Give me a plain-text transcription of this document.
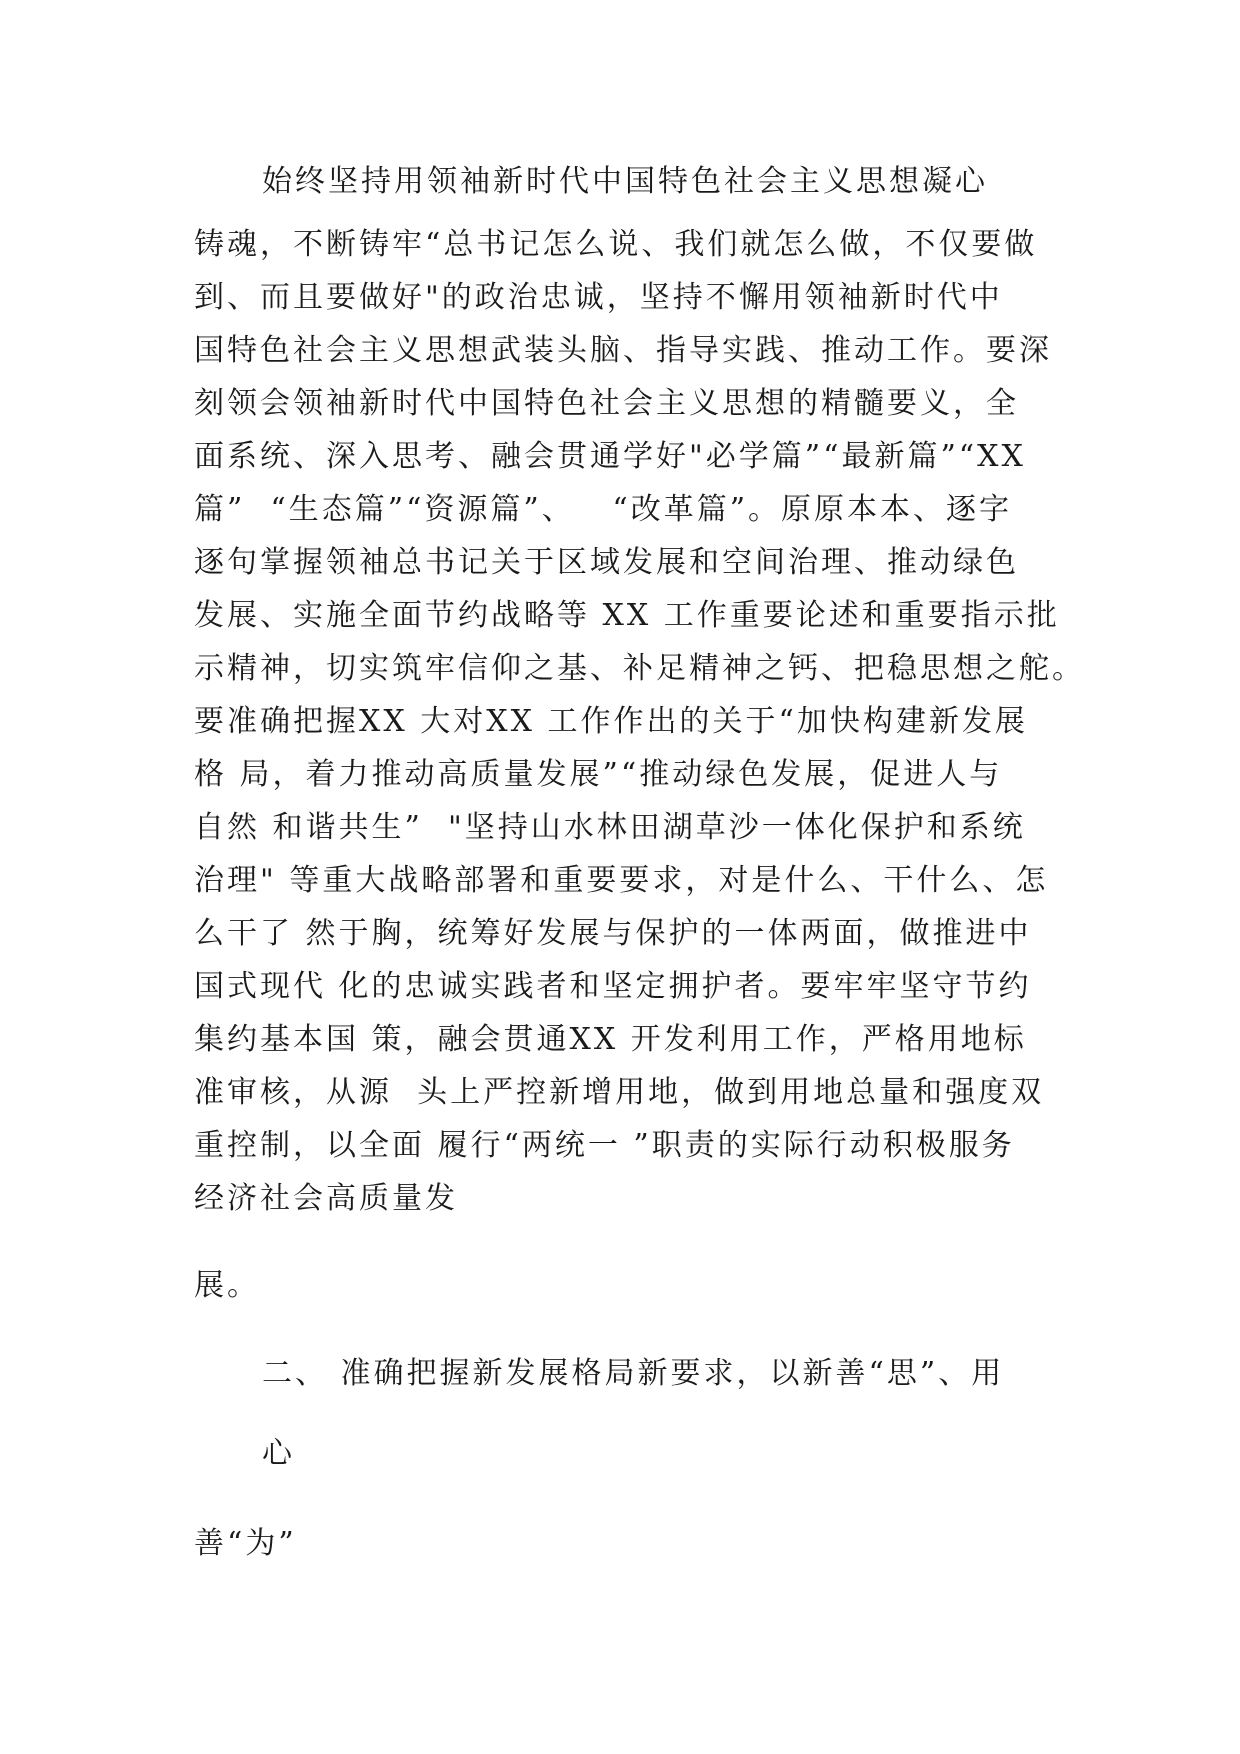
始终坚持用领袖新时代中国特色社会主义思想凝心
铸魂，不断铸牢“总书记怎么说、我们就怎么做，不仅要做
到、而且要做好"的政治忠诚，坚持不懈用领袖新时代中
国特色社会主义思想武装头脑、指导实践、推动工作。要深
刻领会领袖新时代中国特色社会主义思想的精髓要义，全
面系统、深入思考、融会贯通学好"必学篇”“最新篇”“XX
篇”  “生态篇”“资源篇”、   “改革篇”。原原本本、逐字
逐句掌握领袖总书记关于区域发展和空间治理、推动绿色
发展、实施全面节约战略等 XX 工作重要论述和重要指示批
示精神，切实筑牢信仰之基、补足精神之钙、把稳思想之舵。
要准确把握XX 大对XX 工作作出的关于“加快构建新发展
格 局，着力推动高质量发展”“推动绿色发展，促进人与
自然 和谐共生”  "坚持山水林田湖草沙一体化保护和系统
治理" 等重大战略部署和重要要求，对是什么、干什么、怎
么干了 然于胸，统筹好发展与保护的一体两面，做推进中
国式现代 化的忠诚实践者和坚定拥护者。要牢牢坚守节约
集约基本国 策，融会贯通XX 开发利用工作，严格用地标
准审核，从源  头上严控新增用地，做到用地总量和强度双
重控制，以全面 履行“两统一 ”职责的实际行动积极服务
经济社会高质量发
展。
二、 准确把握新发展格局新要求，以新善“思”、用
心
善“为”
